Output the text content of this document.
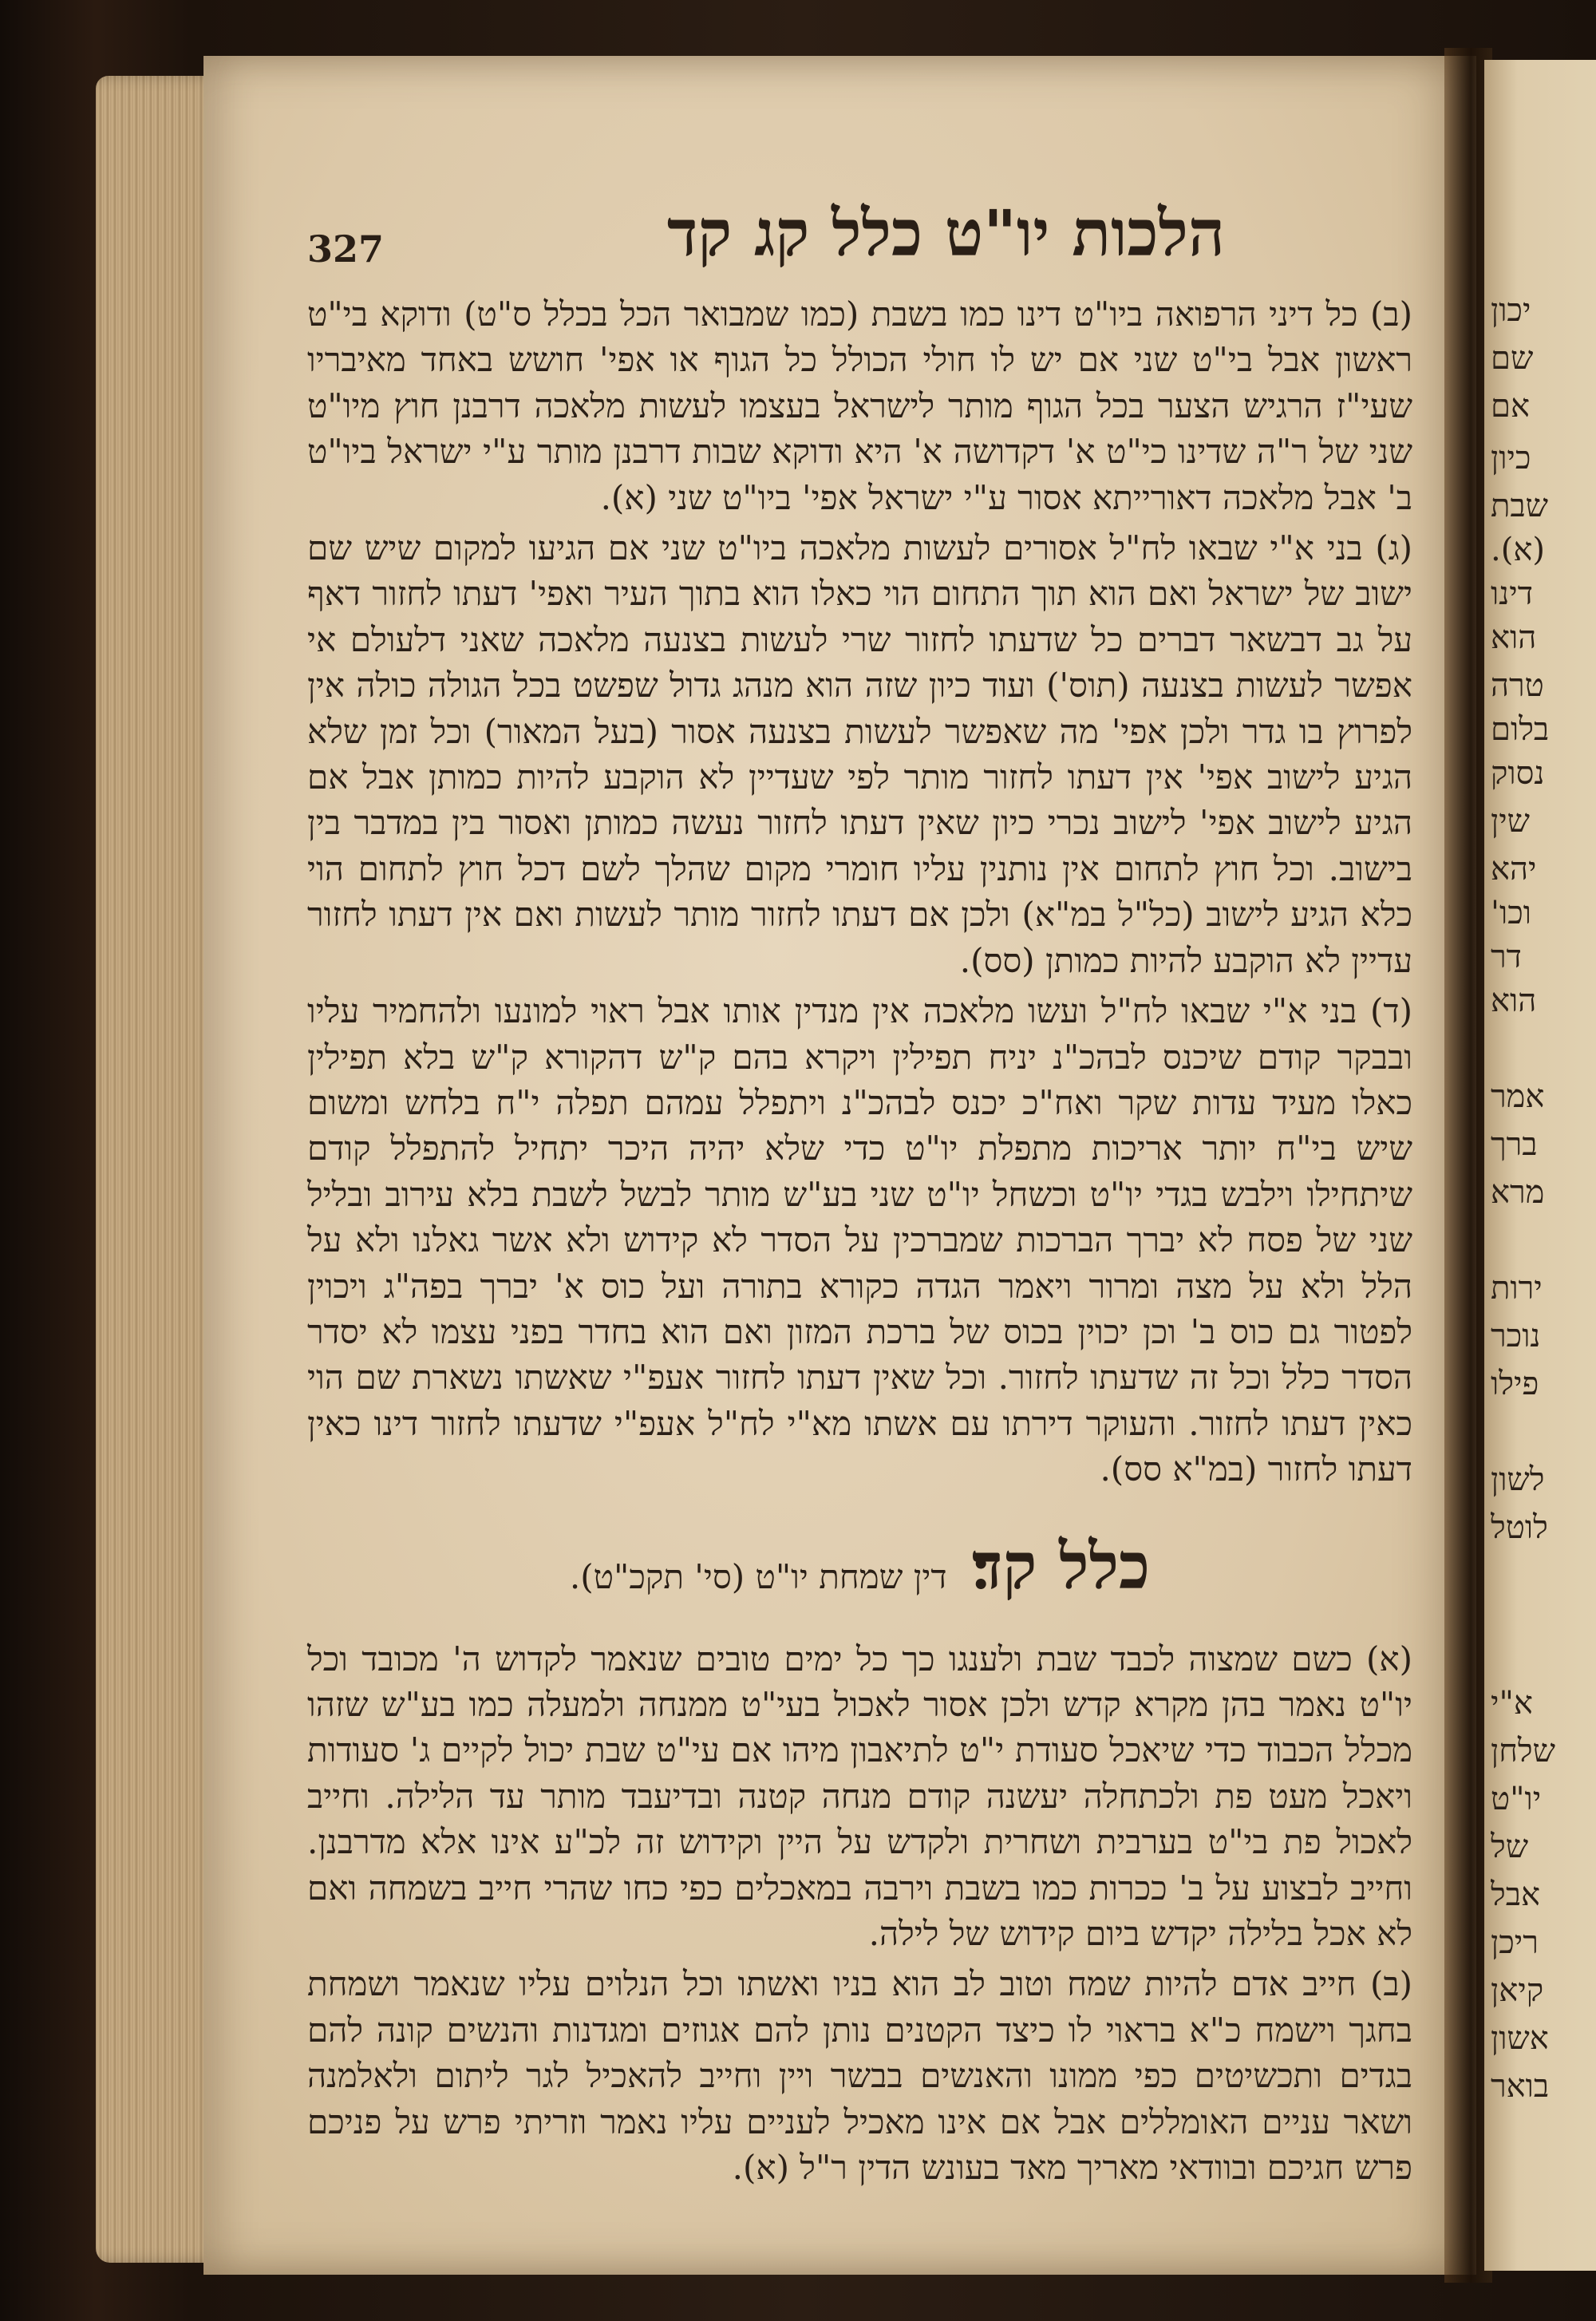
יכון
שם
אם
כיון
שבת
(א).
דינו
הוא
טרה
בלום
נסוק
שין
יהא
וכו'
דר
הוא
אמר
ברך
מרא
ירות
נוכר
פילו
לשון
לוטל
א"י
שלחן
יו"ט
של
אבל
ריכן
קיאן
אשון
בואר
327	הלכות יו"ט כלל קג קד

(ב) כל דיני הרפואה ביו"ט דינו כמו בשבת (כמו שמבואר הכל בכלל ס"ט) ודוקא בי"ט ראשון אבל בי"ט שני אם יש לו חולי הכולל כל הגוף או אפי' חושש באחד מאיבריו שעי"ז הרגיש הצער בכל הגוף מותר לישראל בעצמו לעשות מלאכה דרבנן חוץ מיו"ט שני של ר"ה שדינו כי"ט א' דקדושה א' היא ודוקא שבות דרבנן מותר ע"י ישראל ביו"ט ב' אבל מלאכה דאורייתא אסור ע"י ישראל אפי' ביו"ט שני (א).

(ג) בני א"י שבאו לח"ל אסורים לעשות מלאכה ביו"ט שני אם הגיעו למקום שיש שם ישוב של ישראל ואם הוא תוך התחום הוי כאלו הוא בתוך העיר ואפי' דעתו לחזור דאף על גב דבשאר דברים כל שדעתו לחזור שרי לעשות בצנעה מלאכה שאני דלעולם אי אפשר לעשות בצנעה (תוס') ועוד כיון שזה הוא מנהג גדול שפשט בכל הגולה כולה אין לפרוץ בו גדר ולכן אפי' מה שאפשר לעשות בצנעה אסור (בעל המאור) וכל זמן שלא הגיע לישוב אפי' אין דעתו לחזור מותר לפי שעדיין לא הוקבע להיות כמותן אבל אם הגיע לישוב אפי' לישוב נכרי כיון שאין דעתו לחזור נעשה כמותן ואסור בין במדבר בין בישוב. וכל חוץ לתחום אין נותנין עליו חומרי מקום שהלך לשם דכל חוץ לתחום הוי כלא הגיע לישוב (כל"ל במ"א) ולכן אם דעתו לחזור מותר לעשות ואם אין דעתו לחזור עדיין לא הוקבע להיות כמותן (סס).

(ד) בני א"י שבאו לח"ל ועשו מלאכה אין מנדין אותו אבל ראוי למונעו ולהחמיר עליו ובבקר קודם שיכנס לבהכ"נ יניח תפילין ויקרא בהם ק"ש דהקורא ק"ש בלא תפילין כאלו מעיד עדות שקר ואח"כ יכנס לבהכ"נ ויתפלל עמהם תפלה י"ח בלחש ומשום שיש בי"ח יותר אריכות מתפלת יו"ט כדי שלא יהיה היכר יתחיל להתפלל קודם שיתחילו וילבש בגדי יו"ט וכשחל יו"ט שני בע"ש מותר לבשל לשבת בלא עירוב ובליל שני של פסח לא יברך הברכות שמברכין על הסדר לא קידוש ולא אשר גאלנו ולא על הלל ולא על מצה ומרור ויאמר הגדה כקורא בתורה ועל כוס א' יברך בפה"ג ויכוין לפטור גם כוס ב' וכן יכוין בכוס של ברכת המזון ואם הוא בחדר בפני עצמו לא יסדר הסדר כלל וכל זה שדעתו לחזור. וכל שאין דעתו לחזור אעפ"י שאשתו נשארת שם הוי כאין דעתו לחזור. והעוקר דירתו עם אשתו מא"י לח"ל אעפ"י שדעתו לחזור דינו כאין דעתו לחזור (במ"א סס).

כלל קד׃ דין שמחת יו"ט (סי' תקכ"ט).

(א) כשם שמצוה לכבד שבת ולענגו כך כל ימים טובים שנאמר לקדוש ה' מכובד וכל יו"ט נאמר בהן מקרא קדש ולכן אסור לאכול בעי"ט ממנחה ולמעלה כמו בע"ש שזהו מכלל הכבוד כדי שיאכל סעודת י"ט לתיאבון מיהו אם עי"ט שבת יכול לקיים ג' סעודות ויאכל מעט פת ולכתחלה יעשנה קודם מנחה קטנה ובדיעבד מותר עד הלילה. וחייב לאכול פת בי"ט בערבית ושחרית ולקדש על היין וקידוש זה לכ"ע אינו אלא מדרבנן. וחייב לבצוע על ב' ככרות כמו בשבת וירבה במאכלים כפי כחו שהרי חייב בשמחה ואם לא אכל בלילה יקדש ביום קידוש של לילה.

(ב) חייב אדם להיות שמח וטוב לב הוא בניו ואשתו וכל הנלוים עליו שנאמר ושמחת בחגך וישמח כ"א בראוי לו כיצד הקטנים נותן להם אגוזים ומגדנות והנשים קונה להם בגדים ותכשיטים כפי ממונו והאנשים בבשר ויין וחייב להאכיל לגר ליתום ולאלמנה ושאר עניים האומללים אבל אם אינו מאכיל לעניים עליו נאמר וזריתי פרש על פניכם פרש חגיכם ובוודאי מאריך מאד בעונש הדין ר"ל (א).
